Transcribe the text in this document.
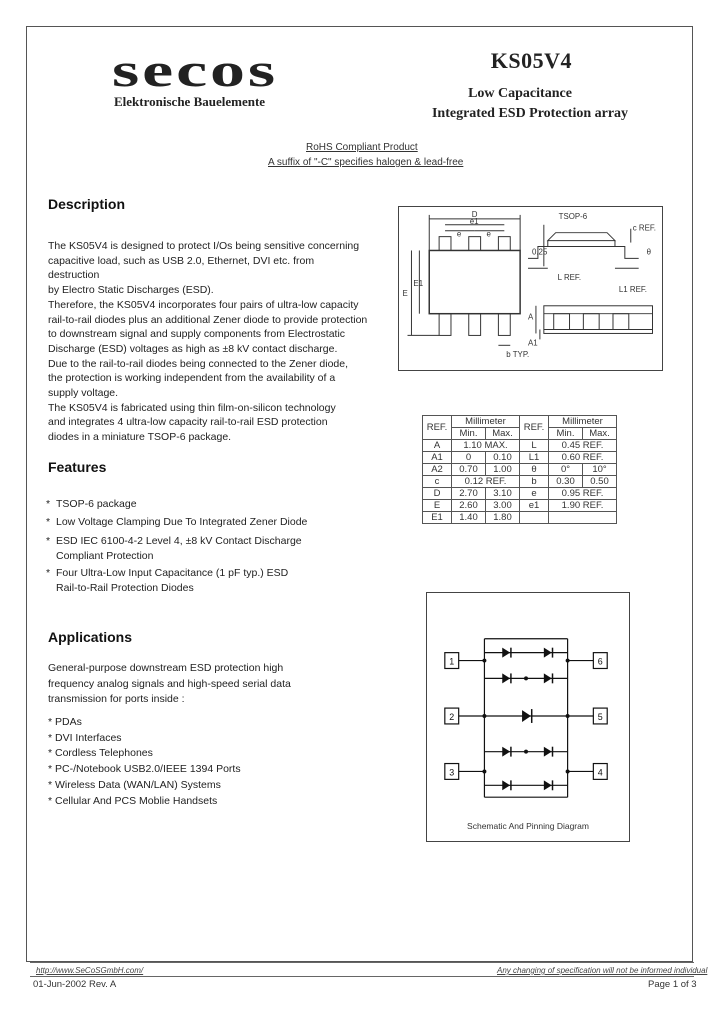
secos
Elektronische Bauelemente
KS05V4
Low Capacitance
Integrated ESD Protection array
RoHS Compliant Product
A suffix of "-C" specifies halogen & lead-free
Description
The KS05V4 is designed to protect I/Os being sensitive concerning
capacitive load, such as USB 2.0, Ethernet, DVI etc. from destruction
by Electro Static Discharges (ESD).
Therefore, the KS05V4 incorporates four pairs of ultra-low capacity
rail-to-rail diodes plus an additional Zener diode to provide protection
to downstream signal and supply components from Electrostatic
Discharge (ESD) voltages as high as ±8 kV contact discharge.
Due to the rail-to-rail diodes being connected to the Zener diode,
the protection is working independent from the availability of a
supply voltage.
The KS05V4 is fabricated using thin film-on-silicon technology
and integrates 4 ultra-low capacity rail-to-rail ESD protection
diodes in a miniature TSOP-6 package.
Features
* TSOP-6 package
* Low Voltage Clamping Due To Integrated Zener Diode
* ESD IEC 6100-4-2 Level 4, ±8 kV Contact Discharge
Compliant Protection
* Four Ultra-Low Input Capacitance (1 pF typ.) ESD
Rail-to-Rail Protection Diodes
Applications
General-purpose downstream ESD protection high
frequency analog signals and high-speed serial data
transmission for ports inside :
* PDAs
* DVI Interfaces
* Cordless Telephones
* PC-/Notebook USB2.0/IEEE 1394 Ports
* Wireless Data (WAN/LAN) Systems
* Cellular And PCS Moblie Handsets
D
e1
e	e
E
E1
b TYP.
TSOP-6
L REF.
L1 REF.
c REF.
θ
0.25
A
A1
REF.	Millimeter		REF.	Millimeter	
	Min.	Max.		Min.	Max.
A	1.10 MAX.		L	0.45 REF.	
A1	0	0.10	L1	0.60 REF.	
A2	0.70	1.00	θ	0°	10°
c	0.12 REF.		b	0.30	0.50
D	2.70	3.10	e	0.95 REF.	
E	2.60	3.00	e1	1.90 REF.	
E1	1.40	1.80			
1
2
3	4
5
6
Schematic And Pinning Diagram
http://www.SeCoSGmbH.com/	Any changing of specification will not be informed individual
01-Jun-2002 Rev. A	Page 1 of 3
